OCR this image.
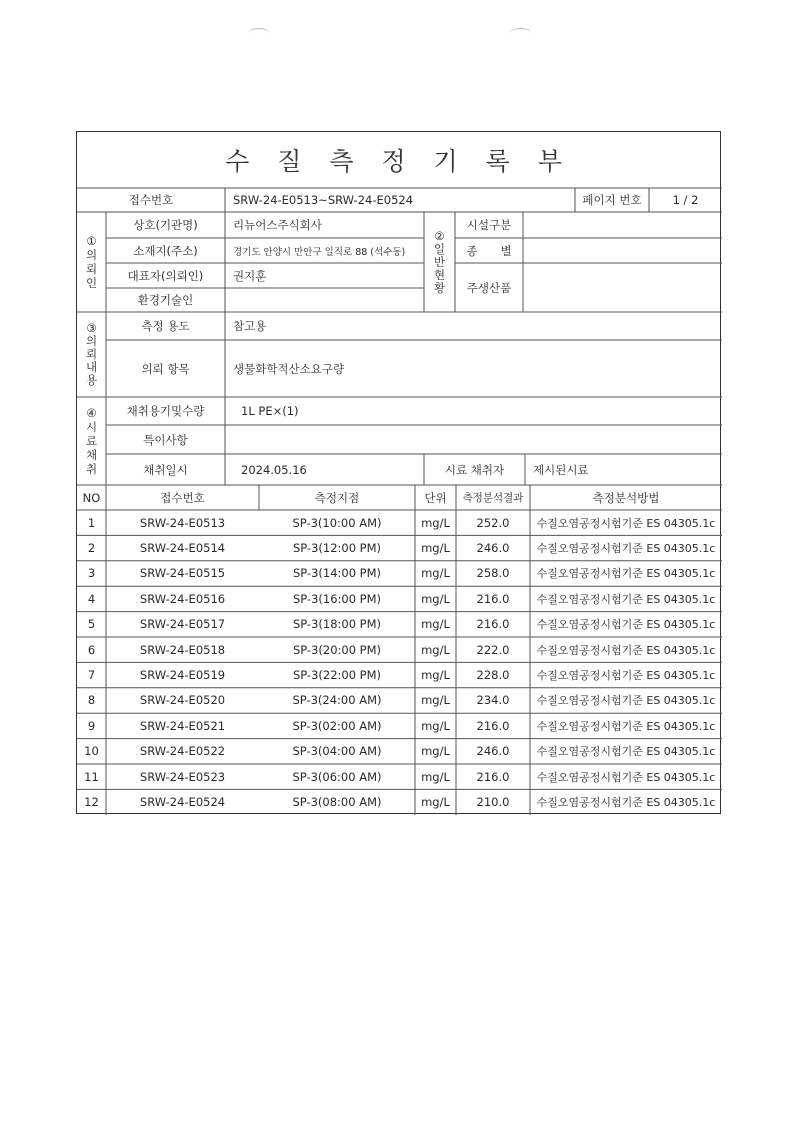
수 질 측 정 기 록 부
접수번호	SRW-24-E0513~SRW-24-E0524	페이지 번호	1 / 2
①
의
뢰
인
상호(기관명)	리뉴어스주식회사
소재지(주소)	경기도 안양시 만안구 일직로 88 (석수동)
대표자(의뢰인)	권지훈
환경기술인
②
일
반
현
황
시설구분
종　　별
주생산품
③
의
뢰
내
용
측정 용도	참고용
의뢰 항목	생물화학적산소요구량
④
시
료
채
취
채취용기및수량	1L PE×(1)
특이사항
채취일시	2024.05.16	시료 채취자	제시된시료
NO	접수번호	측정지점	단위	측정분석결과	측정분석방법
1	SRW-24-E0513	SP-3(10:00 AM)	mg/L	252.0	수질오염공정시험기준 ES 04305.1c
2	SRW-24-E0514	SP-3(12:00 PM)	mg/L	246.0	수질오염공정시험기준 ES 04305.1c
3	SRW-24-E0515	SP-3(14:00 PM)	mg/L	258.0	수질오염공정시험기준 ES 04305.1c
4	SRW-24-E0516	SP-3(16:00 PM)	mg/L	216.0	수질오염공정시험기준 ES 04305.1c
5	SRW-24-E0517	SP-3(18:00 PM)	mg/L	216.0	수질오염공정시험기준 ES 04305.1c
6	SRW-24-E0518	SP-3(20:00 PM)	mg/L	222.0	수질오염공정시험기준 ES 04305.1c
7	SRW-24-E0519	SP-3(22:00 PM)	mg/L	228.0	수질오염공정시험기준 ES 04305.1c
8	SRW-24-E0520	SP-3(24:00 AM)	mg/L	234.0	수질오염공정시험기준 ES 04305.1c
9	SRW-24-E0521	SP-3(02:00 AM)	mg/L	216.0	수질오염공정시험기준 ES 04305.1c
10	SRW-24-E0522	SP-3(04:00 AM)	mg/L	246.0	수질오염공정시험기준 ES 04305.1c
11	SRW-24-E0523	SP-3(06:00 AM)	mg/L	216.0	수질오염공정시험기준 ES 04305.1c
12	SRW-24-E0524	SP-3(08:00 AM)	mg/L	210.0	수질오염공정시험기준 ES 04305.1c
